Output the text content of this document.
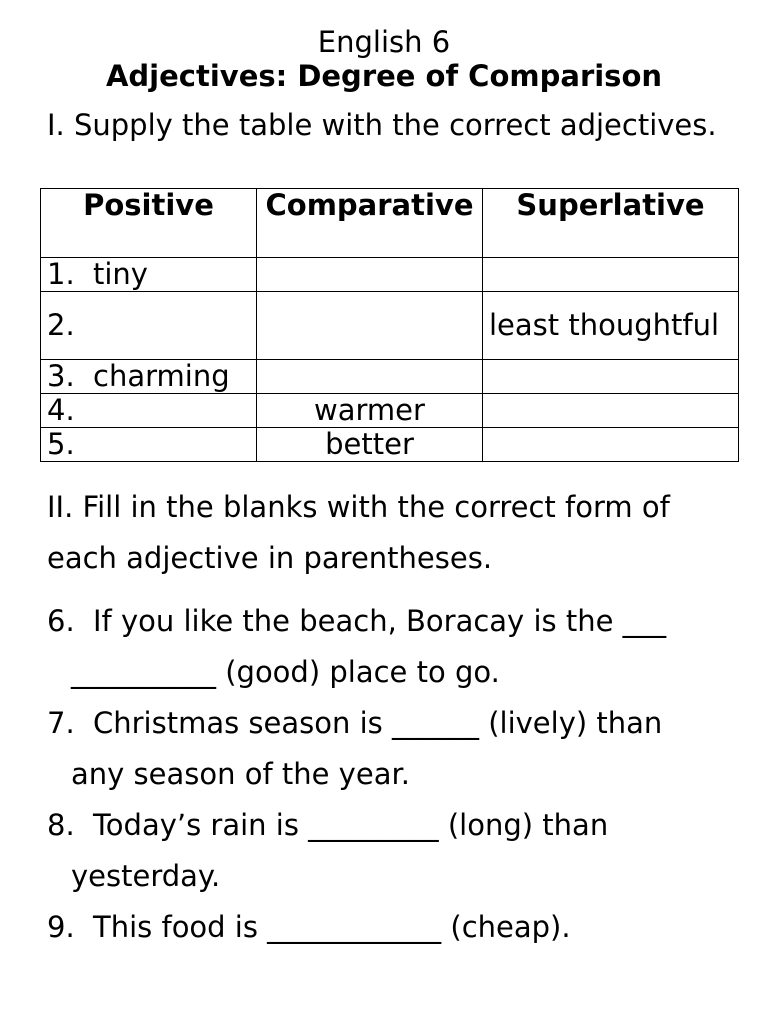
English 6
Adjectives: Degree of Comparison
I. Supply the table with the correct adjectives.
Positive	Comparative	Superlative
1. tiny		
2.		least thoughtful
3. charming		
4.	warmer	
5.	better	
II. Fill in the blanks with the correct form of each adjective in parentheses.
6. If you like the beach, Boracay is the ___
__________ (good) place to go.
7. Christmas season is ______ (lively) than
any season of the year.
8. Today’s rain is _________ (long) than
yesterday.
9. This food is ____________ (cheap).
